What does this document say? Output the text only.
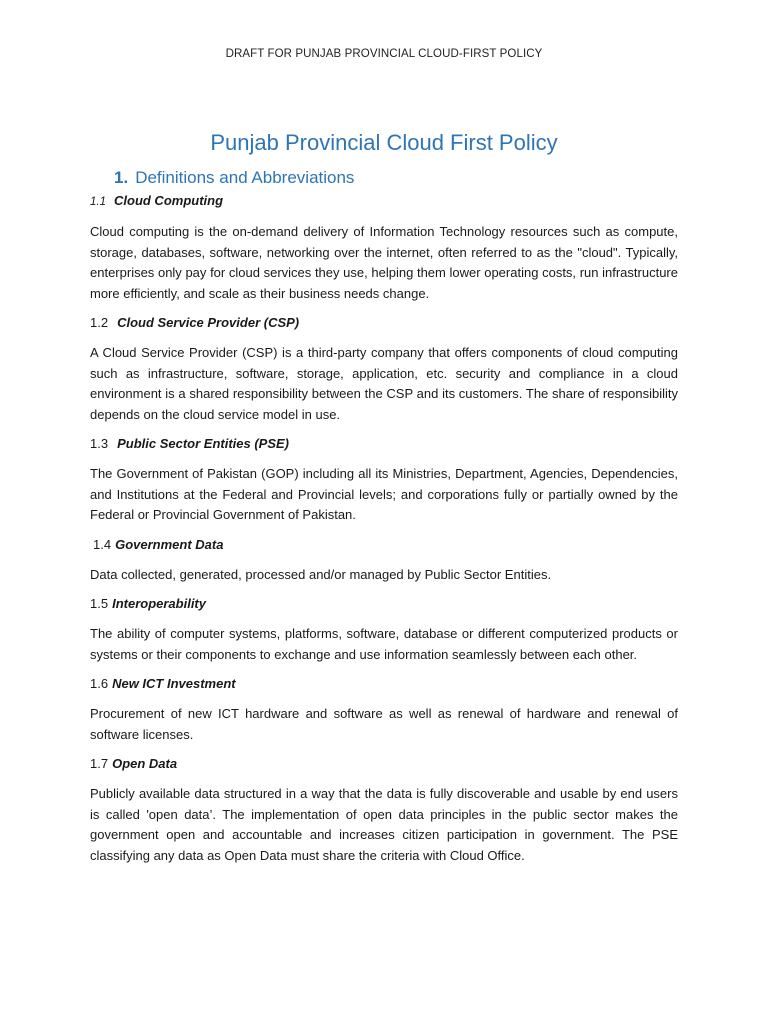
DRAFT FOR PUNJAB PROVINCIAL CLOUD-FIRST POLICY
Punjab Provincial Cloud First Policy
1. Definitions and Abbreviations
1.1 Cloud Computing

Cloud computing is the on-demand delivery of Information Technology resources such as compute, storage, databases, software, networking over the internet, often referred to as the "cloud". Typically, enterprises only pay for cloud services they use, helping them lower operating costs, run infrastructure more efficiently, and scale as their business needs change.

1.2 Cloud Service Provider (CSP)

A Cloud Service Provider (CSP) is a third-party company that offers components of cloud computing such as infrastructure, software, storage, application, etc. security and compliance in a cloud environment is a shared responsibility between the CSP and its customers. The share of responsibility depends on the cloud service model in use.

1.3 Public Sector Entities (PSE)

The Government of Pakistan (GOP) including all its Ministries, Department, Agencies, Dependencies, and Institutions at the Federal and Provincial levels; and corporations fully or partially owned by the Federal or Provincial Government of Pakistan.

1.4 Government Data

Data collected, generated, processed and/or managed by Public Sector Entities.

1.5 Interoperability

The ability of computer systems, platforms, software, database or different computerized products or systems or their components to exchange and use information seamlessly between each other.

1.6 New ICT Investment

Procurement of new ICT hardware and software as well as renewal of hardware and renewal of software licenses.

1.7 Open Data

Publicly available data structured in a way that the data is fully discoverable and usable by end users is called 'open data’. The implementation of open data principles in the public sector makes the government open and accountable and increases citizen participation in government. The PSE classifying any data as Open Data must share the criteria with Cloud Office.
